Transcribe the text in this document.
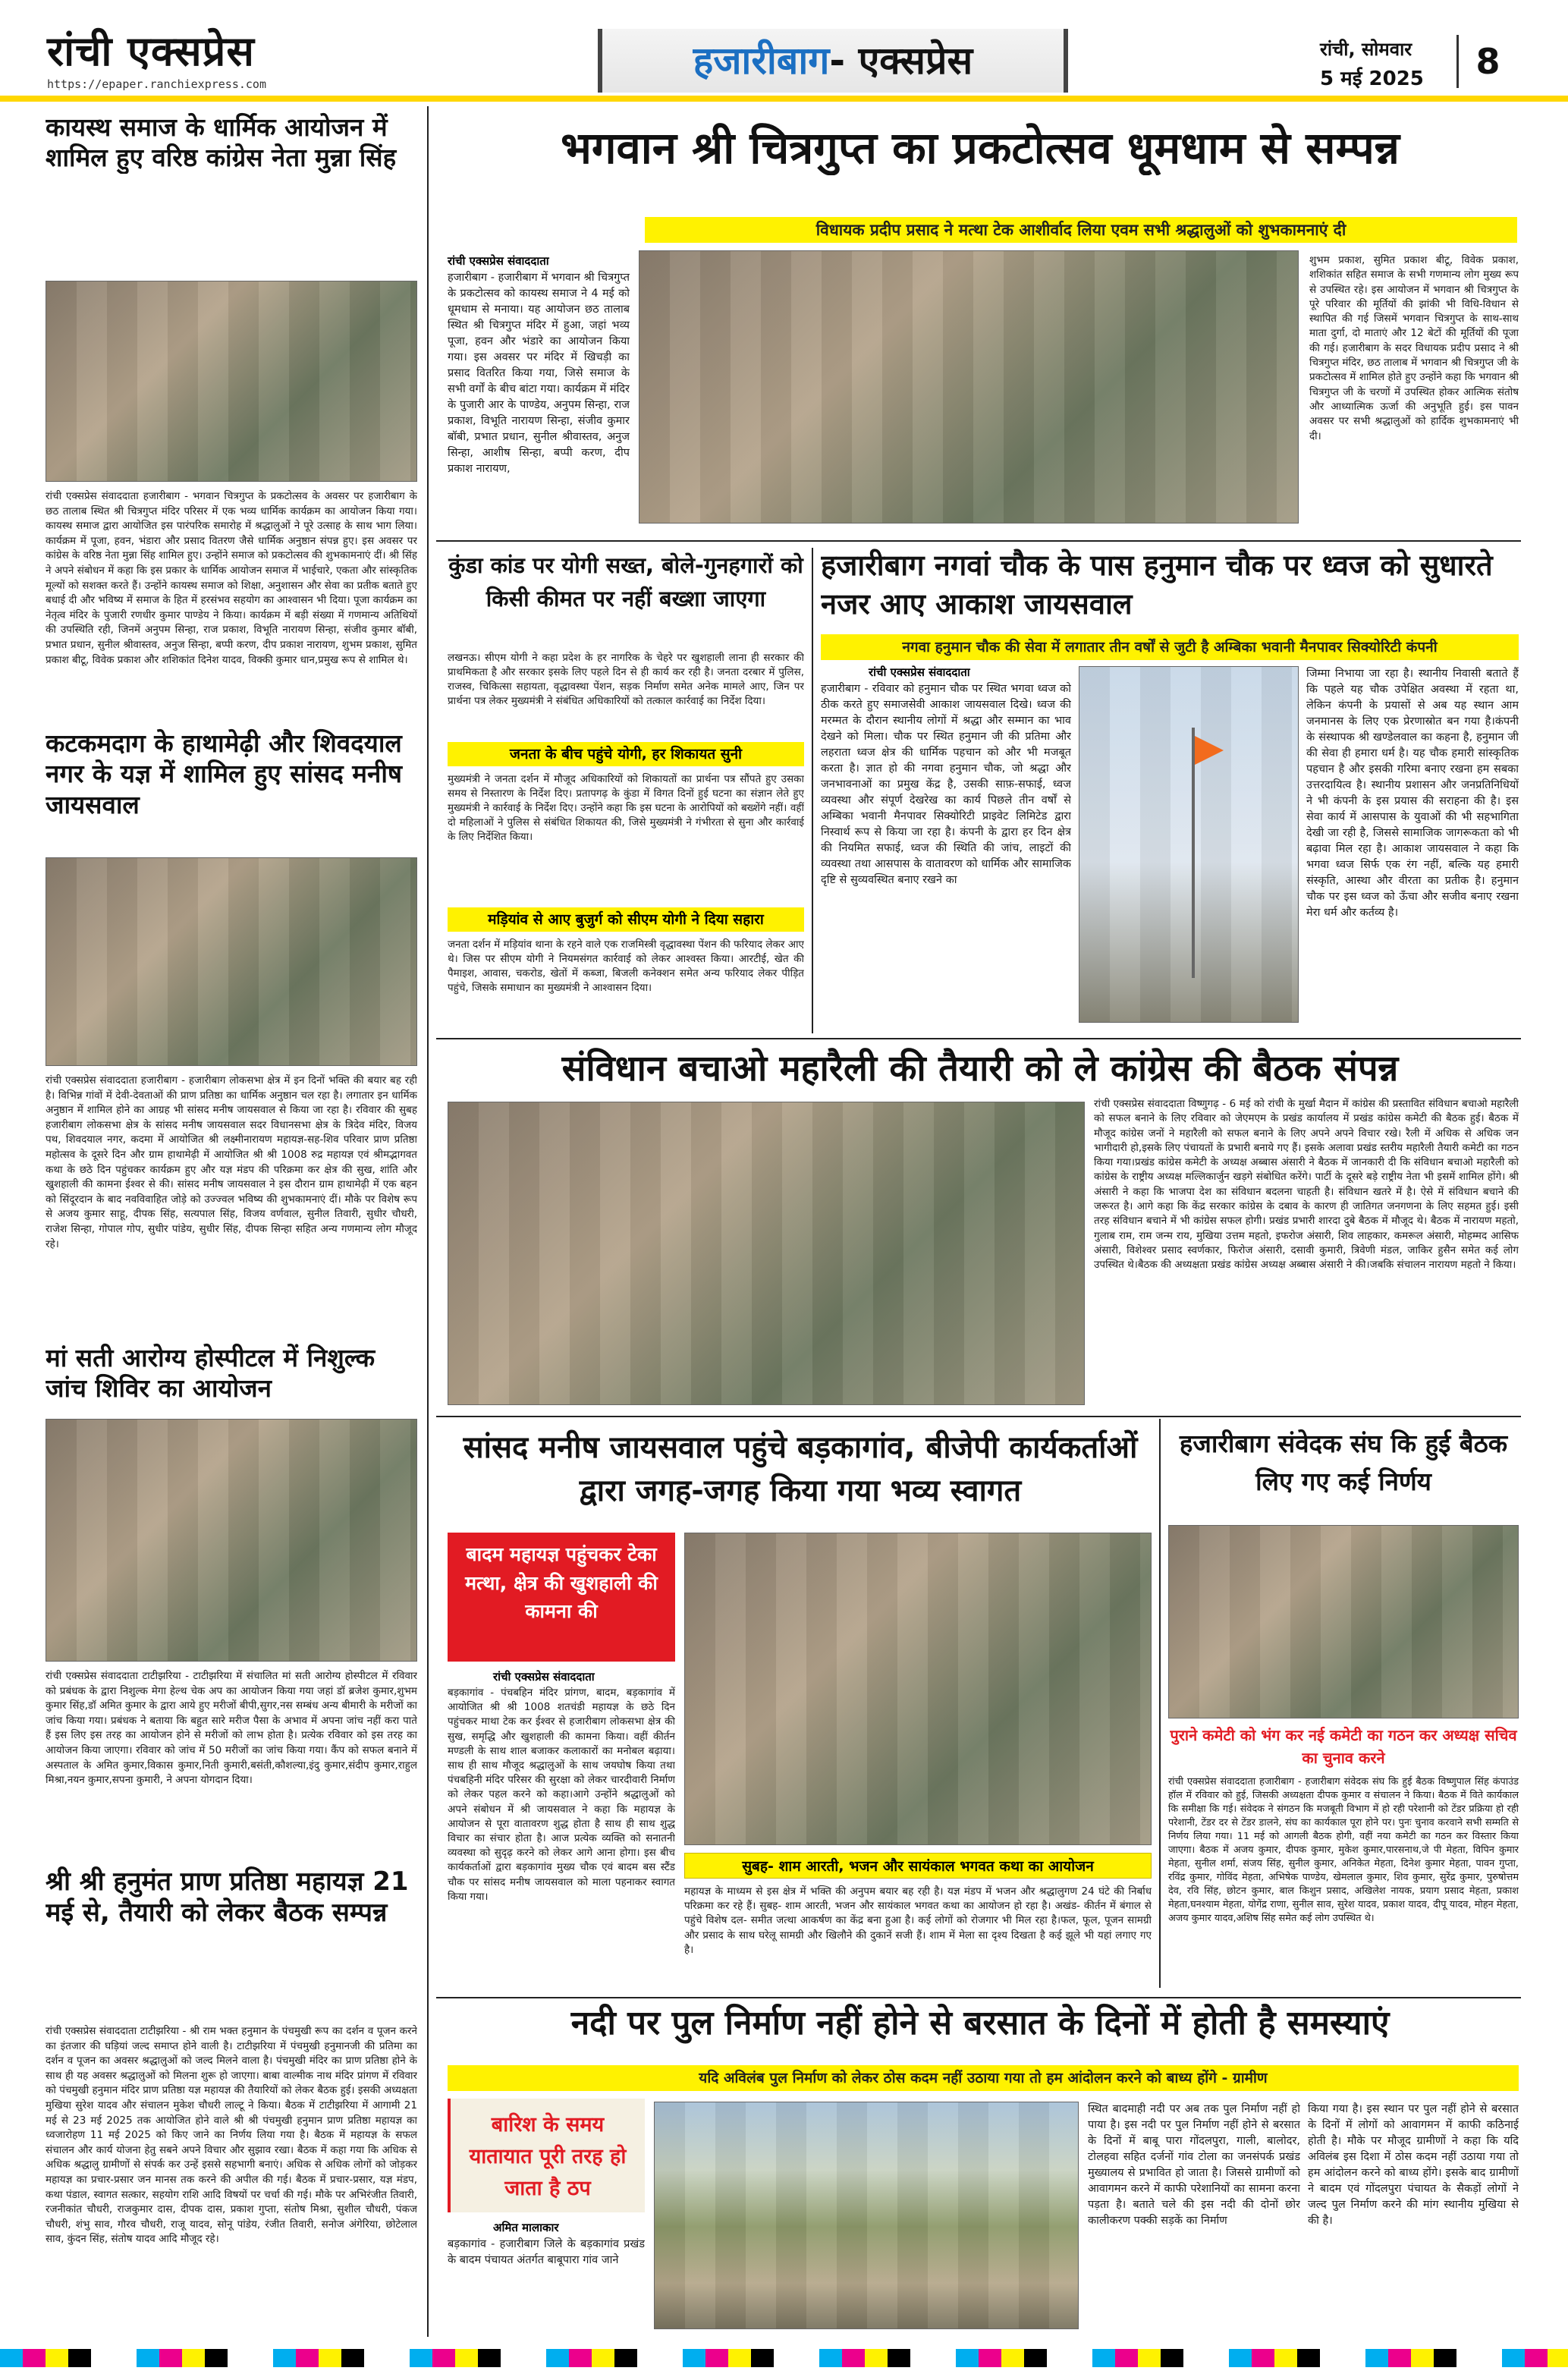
रांची एक्सप्रेस
https://epaper.ranchiexpress.com
हजारीबाग- एक्सप्रेस	रांची, सोमवार
5 मई 2025	8
कायस्थ समाज के धार्मिक आयोजन में शामिल हुए वरिष्ठ कांग्रेस नेता मुन्ना सिंह
रांची एक्सप्रेस संवाददाता हजारीबाग - भगवान चित्रगुप्त के प्रकटोत्सव के अवसर पर हजारीबाग के छठ तालाब स्थित श्री चित्रगुप्त मंदिर परिसर में एक भव्य धार्मिक कार्यक्रम का आयोजन किया गया। कायस्थ समाज द्वारा आयोजित इस पारंपरिक समारोह में श्रद्धालुओं ने पूरे उत्साह के साथ भाग लिया। कार्यक्रम में पूजा, हवन, भंडारा और प्रसाद वितरण जैसे धार्मिक अनुष्ठान संपन्न हुए। इस अवसर पर कांग्रेस के वरिष्ठ नेता मुन्ना सिंह शामिल हुए। उन्होंने समाज को प्रकटोत्सव की शुभकामनाएं दीं। श्री सिंह ने अपने संबोधन में कहा कि इस प्रकार के धार्मिक आयोजन समाज में भाईचारे, एकता और सांस्कृतिक मूल्यों को सशक्त करते हैं। उन्होंने कायस्थ समाज को शिक्षा, अनुशासन और सेवा का प्रतीक बताते हुए बधाई दी और भविष्य में समाज के हित में हरसंभव सहयोग का आश्वासन भी दिया। पूजा कार्यक्रम का नेतृत्व मंदिर के पुजारी रणधीर कुमार पाण्डेय ने किया। कार्यक्रम में बड़ी संख्या में गणमान्य अतिथियों की उपस्थिति रही, जिनमें अनुपम सिन्हा, राज प्रकाश, विभूति नारायण सिन्हा, संजीव कुमार बॉबी, प्रभात प्रधान, सुनील श्रीवास्तव, अनुज सिन्हा, बप्पी करण, दीप प्रकाश नारायण, शुभम प्रकाश, सुमित प्रकाश बीटू, विवेक प्रकाश और शशिकांत दिनेश यादव, विक्की कुमार धान,प्रमुख रूप से शामिल थे।
कटकमदाग के हाथामेढ़ी और शिवदयाल नगर के यज्ञ में शामिल हुए सांसद मनीष जायसवाल
रांची एक्सप्रेस संवाददाता हजारीबाग - हजारीबाग लोकसभा क्षेत्र में इन दिनों भक्ति की बयार बह रही है। विभिन्न गांवों में देवी-देवताओं की प्राण प्रतिष्ठा का धार्मिक अनुष्ठान चल रहा है। लगातार इन धार्मिक अनुष्ठान में शामिल होने का आग्रह भी सांसद मनीष जायसवाल से किया जा रहा है। रविवार की सुबह हजारीबाग लोकसभा क्षेत्र के सांसद मनीष जायसवाल सदर विधानसभा क्षेत्र के त्रिदेव मंदिर, विजय पथ, शिवदयाल नगर, कदमा में आयोजित श्री लक्ष्मीनारायण महायज्ञ-सह-शिव परिवार प्राण प्रतिष्ठा महोत्सव के दूसरे दिन और ग्राम हाथामेढ़ी में आयोजित श्री श्री 1008 रुद्र महायज्ञ एवं श्रीमद्भागवत कथा के छठे दिन पहुंचकर कार्यक्रम हुए और यज्ञ मंडप की परिक्रमा कर क्षेत्र की सुख, शांति और खुशहाली की कामना ईश्वर से की। सांसद मनीष जायसवाल ने इस दौरान ग्राम हाथामेढ़ी में एक बहन को सिंदूरदान के बाद नवविवाहित जोड़े को उज्ज्वल भविष्य की शुभकामनाएं दीं। मौके पर विशेष रूप से अजय कुमार साहू, दीपक सिंह, सत्यपाल सिंह, विजय वर्णवाल, सुनील तिवारी, सुधीर चौधरी, राजेश सिन्हा, गोपाल गोप, सुधीर पांडेय, सुधीर सिंह, दीपक सिन्हा सहित अन्य गणमान्य लोग मौजूद रहे।
मां सती आरोग्य होस्पीटल में निशुल्क जांच शिविर का आयोजन
रांची एक्सप्रेस संवाददाता टाटीझरिया - टाटीझरिया में संचालित मां सती आरोग्य होस्पीटल में रविवार को प्रबंधक के द्वारा निशुल्क मेगा हेल्थ चेक अप का आयोजन किया गया जहां डॉ ब्रजेश कुमार,शुभम कुमार सिंह,डॉ अमित कुमार के द्वारा आये हुए मरीजों बीपी,सुगर,नस सम्बंध अन्य बीमारी के मरीजों का जांच किया गया। प्रबंधक ने बताया कि बहुत सारे मरीज पैसा के अभाव में अपना जांच नहीं करा पाते हैं इस लिए इस तरह का आयोजन होने से मरीजों को लाभ होता है। प्रत्येक रविवार को इस तरह का आयोजन किया जाएगा। रविवार को जांच में 50 मरीजों का जांच किया गया। कैंप को सफल बनाने में अस्पताल के अमित कुमार,विकास कुमार,निती कुमारी,बसंती,कौशल्या,इंदु कुमार,संदीप कुमार,राहुल मिश्रा,नयन कुमार,सपना कुमारी, ने अपना योगदान दिया।
श्री श्री हनुमंत प्राण प्रतिष्ठा महायज्ञ 21 मई से, तैयारी को लेकर बैठक सम्पन्न
रांची एक्सप्रेस संवाददाता टाटीझरिया - श्री राम भक्त हनुमान के पंचमुखी रूप का दर्शन व पूजन करने का इंतजार की घड़ियां जल्द समाप्त होने वाली है। टाटीझरिया में पंचमुखी हनुमानजी की प्रतिमा का दर्शन व पूजन का अवसर श्रद्धालुओं को जल्द मिलने वाला है। पंचमुखी मंदिर का प्राण प्रतिष्ठा होने के साथ ही यह अवसर श्रद्धालुओं को मिलना शुरू हो जाएगा। बाबा वाल्मीक नाथ मंदिर प्रांगण में रविवार को पंचमुखी हनुमान मंदिर प्राण प्रतिष्ठा यज्ञ महायज्ञ की तैयारियों को लेकर बैठक हुई। इसकी अध्यक्षता मुखिया सुरेश यादव और संचालन मुकेश चौधरी लाल्टू ने किया। बैठक में टाटीझरिया में आगामी 21 मई से 23 मई 2025 तक आयोजित होने वाले श्री श्री पंचमुखी हनुमान प्राण प्रतिष्ठा महायज्ञ का ध्वजारोहण 11 मई 2025 को किए जाने का निर्णय लिया गया है। बैठक में महायज्ञ के सफल संचालन और कार्य योजना हेतु सबने अपने विचार और सुझाव रखा। बैठक में कहा गया कि अधिक से अधिक श्रद्धालु ग्रामीणों से संपर्क कर उन्हें इससे सहभागी बनाएं। अधिक से अधिक लोगों को जोड़कर महायज्ञ का प्रचार-प्रसार जन मानस तक करने की अपील की गई। बैठक में प्रचार-प्रसार, यज्ञ मंडप, कथा पंडाल, स्वागत सत्कार, सहयोग राशि आदि विषयों पर चर्चा की गई। मौके पर अभिरंजीत तिवारी, रजनीकांत चौधरी, राजकुमार दास, दीपक दास, प्रकाश गुप्ता, संतोष मिश्रा, सुशील चौधरी, पंकज चौधरी, शंभु साव, गौरव चौधरी, राजू यादव, सोनू पांडेय, रंजीत तिवारी, सनोज अंगेरिया, छोटेलाल साव, कुंदन सिंह, संतोष यादव आदि मौजूद रहे।
भगवान श्री चित्रगुप्त का प्रकटोत्सव धूमधाम से सम्पन्न
विधायक प्रदीप प्रसाद ने मत्था टेक आशीर्वाद लिया एवम सभी श्रद्धालुओं को शुभकामनाएं दी
रांची एक्सप्रेस संवाददाता
हजारीबाग - हजारीबाग में भगवान श्री चित्रगुप्त के प्रकटोत्सव को कायस्थ समाज ने 4 मई को धूमधाम से मनाया। यह आयोजन छठ तालाब स्थित श्री चित्रगुप्त मंदिर में हुआ, जहां भव्य पूजा, हवन और भंडारे का आयोजन किया गया। इस अवसर पर मंदिर में खिचड़ी का प्रसाद वितरित किया गया, जिसे समाज के सभी वर्गों के बीच बांटा गया। कार्यक्रम में मंदिर के पुजारी आर के पाण्डेय, अनुपम सिन्हा, राज प्रकाश, विभूति नारायण सिन्हा, संजीव कुमार बॉबी, प्रभात प्रधान, सुनील श्रीवास्तव, अनुज सिन्हा, आशीष सिन्हा, बप्पी करण, दीप प्रकाश नारायण,
शुभम प्रकाश, सुमित प्रकाश बीटू, विवेक प्रकाश, शशिकांत सहित समाज के सभी गणमान्य लोग मुख्य रूप से उपस्थित रहे। इस आयोजन में भगवान श्री चित्रगुप्त के पूरे परिवार की मूर्तियों की झांकी भी विधि-विधान से स्थापित की गई जिसमें भगवान चित्रगुप्त के साथ-साथ माता दुर्गा, दो माताएं और 12 बेटों की मूर्तियों की पूजा की गई। हजारीबाग के सदर विधायक प्रदीप प्रसाद ने श्री चित्रगुप्त मंदिर, छठ तालाब में भगवान श्री चित्रगुप्त जी के प्रकटोत्सव में शामिल होते हुए उन्होंने कहा कि भगवान श्री चित्रगुप्त जी के चरणों में उपस्थित होकर आत्मिक संतोष और आध्यात्मिक ऊर्जा की अनुभूति हुई। इस पावन अवसर पर सभी श्रद्धालुओं को हार्दिक शुभकामनाएं भी दी।
कुंडा कांड पर योगी सख्त, बोले-गुनहगारों को किसी कीमत पर नहीं बख्शा जाएगा
लखनऊ। सीएम योगी ने कहा प्रदेश के हर नागरिक के चेहरे पर खुशहाली लाना ही सरकार की प्राथमिकता है और सरकार इसके लिए पहले दिन से ही कार्य कर रही है। जनता दरबार में पुलिस, राजस्व, चिकित्सा सहायता, वृद्धावस्था पेंशन, सड़क निर्माण समेत अनेक मामले आए, जिन पर प्रार्थना पत्र लेकर मुख्यमंत्री ने संबंधित अधिकारियों को तत्काल कार्रवाई का निर्देश दिया।
जनता के बीच पहुंचे योगी, हर शिकायत सुनी
मुख्यमंत्री ने जनता दर्शन में मौजूद अधिकारियों को शिकायतों का प्रार्थना पत्र सौंपते हुए उसका समय से निस्तारण के निर्देश दिए। प्रतापगढ़ के कुंडा में विगत दिनों हुई घटना का संज्ञान लेते हुए मुख्यमंत्री ने कार्रवाई के निर्देश दिए। उन्होंने कहा कि इस घटना के आरोपियों को बख्शेंगे नहीं। वहीं दो महिलाओं ने पुलिस से संबंधित शिकायत की, जिसे मुख्यमंत्री ने गंभीरता से सुना और कार्रवाई के लिए निर्देशित किया।
मड़ियांव से आए बुजुर्ग को सीएम योगी ने दिया सहारा
जनता दर्शन में मड़ियांव थाना के रहने वाले एक राजमिस्त्री वृद्धावस्था पेंशन की फरियाद लेकर आए थे। जिस पर सीएम योगी ने नियमसंगत कार्रवाई को लेकर आश्वस्त किया। आरटीई, खेत की पैमाइश, आवास, चकरोड, खेतों में कब्जा, बिजली कनेक्शन समेत अन्य फरियाद लेकर पीड़ित पहुंचे, जिसके समाधान का मुख्यमंत्री ने आश्वासन दिया।
हजारीबाग नगवां चौक के पास हनुमान चौक पर ध्वज को सुधारते नजर आए आकाश जायसवाल
नगवा हनुमान चौक की सेवा में लगातार तीन वर्षों से जुटी है अम्बिका भवानी मैनपावर सिक्योरिटी कंपनी
रांची एक्सप्रेस संवाददाता
हजारीबाग - रविवार को हनुमान चौक पर स्थित भगवा ध्वज को ठीक करते हुए समाजसेवी आकाश जायसवाल दिखे। ध्वज की मरम्मत के दौरान स्थानीय लोगों में श्रद्धा और सम्मान का भाव देखने को मिला। चौक पर स्थित हनुमान जी की प्रतिमा और लहराता ध्वज क्षेत्र की धार्मिक पहचान को और भी मजबूत करता है। ज्ञात हो की नगवा हनुमान चौक, जो श्रद्धा और जनभावनाओं का प्रमुख केंद्र है, उसकी साफ़-सफाई, ध्वज व्यवस्था और संपूर्ण देखरेख का कार्य पिछले तीन वर्षों से अम्बिका भवानी मैनपावर सिक्योरिटी प्राइवेट लिमिटेड द्वारा निस्वार्थ रूप से किया जा रहा है। कंपनी के द्वारा हर दिन क्षेत्र की नियमित सफाई, ध्वज की स्थिति की जांच, लाइटों की व्यवस्था तथा आसपास के वातावरण को धार्मिक और सामाजिक दृष्टि से सुव्यवस्थित बनाए रखने का
जिम्मा निभाया जा रहा है। स्थानीय निवासी बताते हैं कि पहले यह चौक उपेक्षित अवस्था में रहता था, लेकिन कंपनी के प्रयासों से अब यह स्थान आम जनमानस के लिए एक प्रेरणास्रोत बन गया है।कंपनी के संस्थापक श्री खण्डेलवाल का कहना है, हनुमान जी की सेवा ही हमारा धर्म है। यह चौक हमारी सांस्कृतिक पहचान है और इसकी गरिमा बनाए रखना हम सबका उत्तरदायित्व है। स्थानीय प्रशासन और जनप्रतिनिधियों ने भी कंपनी के इस प्रयास की सराहना की है। इस सेवा कार्य में आसपास के युवाओं की भी सहभागिता देखी जा रही है, जिससे सामाजिक जागरूकता को भी बढ़ावा मिल रहा है। आकाश जायसवाल ने कहा कि भगवा ध्वज सिर्फ एक रंग नहीं, बल्कि यह हमारी संस्कृति, आस्था और वीरता का प्रतीक है। हनुमान चौक पर इस ध्वज को ऊँचा और सजीव बनाए रखना मेरा धर्म और कर्तव्य है।
संविधान बचाओ महारैली की तैयारी को ले कांग्रेस की बैठक संपन्न
रांची एक्सप्रेस संवाददाता विष्णुगढ़ - 6 मई को रांची के मुर्खा मैदान में कांग्रेस की प्रस्तावित संविधान बचाओ महारैली को सफल बनाने के लिए रविवार को जेएमएम के प्रखंड कार्यालय में प्रखंड कांग्रेस कमेटी की बैठक हुई। बैठक में मौजूद कांग्रेस जनों ने महारैली को सफल बनाने के लिए अपने अपने विचार रखे। रैली में अधिक से अधिक जन भागीदारी हो,इसके लिए पंचायतों के प्रभारी बनाये गए हैं। इसके अलावा प्रखंड स्तरीय महारैली तैयारी कमेटी का गठन किया गया।प्रखंड कांग्रेस कमेटी के अध्यक्ष अब्बास अंसारी ने बैठक में जानकारी दी कि संविधान बचाओ महारैली को कांग्रेस के राष्ट्रीय अध्यक्ष मल्लिकार्जुन खड़गे संबोधित करेंगे। पार्टी के दूसरे बड़े राष्ट्रीय नेता भी इसमें शामिल होंगे। श्री अंसारी ने कहा कि भाजपा देश का संविधान बदलना चाहती है। संविधान खतरे में है। ऐसे में संविधान बचाने की जरूरत है। आगे कहा कि केंद्र सरकार कांग्रेस के दबाव के कारण ही जातिगत जनगणना के लिए सहमत हुई। इसी तरह संविधान बचाने में भी कांग्रेस सफल होगी। प्रखंड प्रभारी शारदा दुबे बैठक में मौजूद थे। बैठक में नारायण महतो, गुलाब राम, राम जन्म राय, मुखिया उत्तम महतो, इफरोज अंसारी, शिव लाहकार, कमरूल अंसारी, मोहम्मद आसिफ अंसारी, विशेश्वर प्रसाद स्वर्णकार, फिरोज अंसारी, दसावी कुमारी, त्रिवेणी मंडल, जाकिर हुसैन समेत कई लोग उपस्थित थे।बैठक की अध्यक्षता प्रखंड कांग्रेस अध्यक्ष अब्बास अंसारी ने की।जबकि संचालन नारायण महतो ने किया।
सांसद मनीष जायसवाल पहुंचे बड़कागांव, बीजेपी कार्यकर्ताओं द्वारा जगह-जगह किया गया भव्य स्वागत
बादम महायज्ञ पहुंचकर टेका मत्था, क्षेत्र की खुशहाली की कामना की
रांची एक्सप्रेस संवाददाता
बड़कागांव - पंचबहिन मंदिर प्रांगण, बादम, बड़कागांव में आयोजित श्री श्री 1008 शतचंडी महायज्ञ के छठे दिन पहुंचकर माथा टेक कर ईश्वर से हजारीबाग लोकसभा क्षेत्र की सुख, समृद्धि और खुशहाली की कामना किया। वहीं कीर्तन मण्डली के साथ शाल बजाकर कलाकारों का मनोबल बढ़ाया। साथ ही साथ मौजूद श्रद्धालुओं के साथ जयघोष किया तथा पंचबहिनी मंदिर परिसर की सुरक्षा को लेकर चारदीवारी निर्माण को लेकर पहल करने को कहा।आगे उन्होंने श्रद्धालुओं को अपने संबोधन में श्री जायसवाल ने कहा कि महायज्ञ के आयोजन से पूरा वातावरण शुद्ध होता है साथ ही साथ शुद्ध विचार का संचार होता है। आज प्रत्येक व्यक्ति को सनातनी व्यवस्था को सुदृढ़ करने को लेकर आगे आना होगा। इस बीच कार्यकर्ताओं द्वारा बड़कागांव मुख्य चौक एवं बादम बस स्टैंड चौक पर सांसद मनीष जायसवाल को माला पहनाकर स्वागत किया गया।
सुबह- शाम आरती, भजन और सायंकाल भगवत कथा का आयोजन
महायज्ञ के माध्यम से इस क्षेत्र में भक्ति की अनुपम बयार बह रही है। यज्ञ मंडप में भजन और श्रद्धालुगण 24 घंटे की निर्बाध परिक्रमा कर रहे हैं। सुबह- शाम आरती, भजन और सायंकाल भगवत कथा का आयोजन हो रहा है। अखंड- कीर्तन में बंगाल से पहुंचे विशेष दल- समीत जत्था आकर्षण का केंद्र बना हुआ है। कई लोगों को रोजगार भी मिल रहा है।फल, फूल, पूजन सामग्री और प्रसाद के साथ घरेलू सामग्री और खिलौने की दुकानें सजी हैं। शाम में मेला सा दृश्य दिखता है कई झूले भी यहां लगाए गए है।
हजारीबाग संवेदक संघ कि हुई बैठक लिए गए कई निर्णय
पुराने कमेटी को भंग कर नई कमेटी का गठन कर अध्यक्ष सचिव का चुनाव करने
रांची एक्सप्रेस संवाददाता हजारीबाग - हजारीबाग संवेदक संघ कि हुई बैठक विष्णुपाल सिंह कंपाउंड हॉल में रविवार को हुई, जिसकी अध्यक्षता दीपक कुमार व संचालन ने किया। बैठक में विते कार्यकाल कि समीक्षा कि गई। संवेदक ने संगठन कि मजबूती विभाग में हो रही परेशानी को टेंडर प्रक्रिया हो रही परेशानी, टेंडर दर से टेंडर डालने, संघ का कार्यकाल पूरा होने पर। पुनः चुनाव करवाने सभी सम्मति से निर्णय लिया गया। 11 मई को आगली बैठक होगी, वहीं नया कमेटी का गठन कर विस्तार किया जाएगा। बैठक में अजय कुमार, दीपक कुमार, मुकेश कुमार,पारसनाथ,जे पी मेहता, विपिन कुमार मेहता, सुनील शर्मा, संजय सिंह, सुनील कुमार, अनिकेत मेहता, दिनेश कुमार मेहता, पावन गुप्ता, रविंद्र कुमार, गोविंद मेहता, अभिषेक पाण्डेय, खेमलाल कुमार, शिव कुमार, सुरेंद्र कुमार, पुरुषोत्तम देव, रवि सिंह, छोटन कुमार, बाल किशुन प्रसाद, अखिलेश नायक, प्रयाग प्रसाद मेहता, प्रकाश मेहता,घनश्याम मेहता, योगेंद्र राणा, सुनील साव, सुरेश यादव, प्रकाश यादव, दीपू यादव, मोहन मेहता, अजय कुमार यादव,अशिष सिंह समेत कई लोग उपस्थित थे।
नदी पर पुल निर्माण नहीं होने से बरसात के दिनों में होती है समस्याएं
यदि अविलंब पुल निर्माण को लेकर ठोस कदम नहीं उठाया गया तो हम आंदोलन करने को बाध्य होंगे - ग्रामीण
बारिश के समय यातायात पूरी तरह हो जाता है ठप
अमित मालाकार
बड़कागांव - हजारीबाग जिले के बड़कागांव प्रखंड के बादम पंचायत अंतर्गत बाबूपारा गांव जाने
स्थित बादमाही नदी पर अब तक पुल निर्माण नहीं हो पाया है। इस नदी पर पुल निर्माण नहीं होने से बरसात के दिनों में बाबू पारा गोंदलपुरा, गाली, बालोदर, टोलहवा सहित दर्जनों गांव टोला का जनसंपर्क प्रखंड मुख्यालय से प्रभावित हो जाता है। जिससे ग्रामीणों को आवागमन करने में काफी परेशानियों का सामना करना पड़ता है। बताते चले की इस नदी की दोनों छोर कालीकरण पक्की सड़कें का निर्माण
किया गया है। इस स्थान पर पुल नहीं होने से बरसात के दिनों में लोगों को आवागमन में काफी कठिनाई होती है। मौके पर मौजूद ग्रामीणों ने कहा कि यदि अविलंब इस दिशा में ठोस कदम नहीं उठाया गया तो हम आंदोलन करने को बाध्य होंगे। इसके बाद ग्रामीणों ने बादम एवं गोंदलपुरा पंचायत के सैकड़ों लोगों ने जल्द पुल निर्माण करने की मांग स्थानीय मुखिया से की है।
